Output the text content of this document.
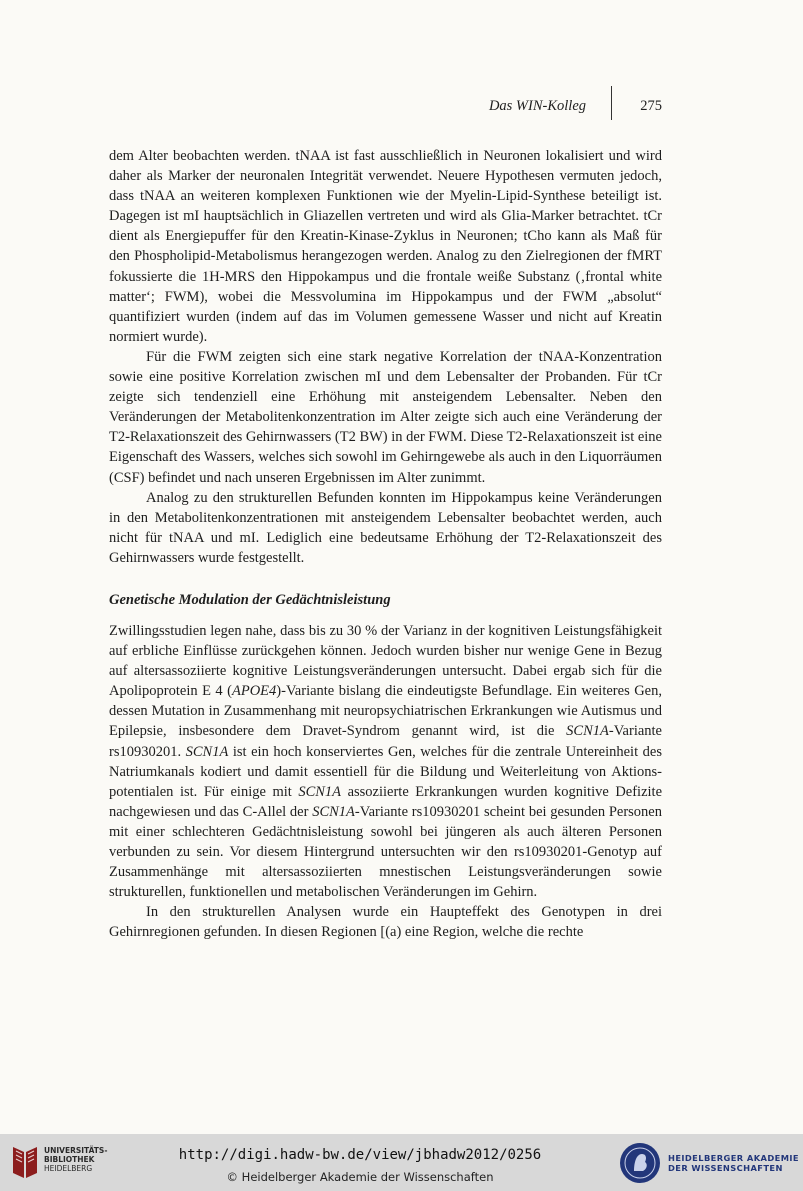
Das WIN-Kolleg	275

dem Alter beobachten werden. tNAA ist fast ausschließlich in Neuronen lokalisiert und wird daher als Marker der neuronalen Integrität verwendet. Neuere Hypothesen vermuten jedoch, dass tNAA an weiteren komplexen Funktionen wie der Myelin-Lipid-Synthese beteiligt ist. Dagegen ist mI hauptsächlich in Gliazellen vertreten und wird als Glia-Marker betrachtet. tCr dient als Energiepuffer für den Kreatin-Kinase-Zyklus in Neuronen; tCho kann als Maß für den Phospholipid-Metabolismus herangezogen werden. Analog zu den Zielregionen der fMRT fokussierte die 1H-MRS den Hippokampus und die frontale weiße Substanz (‚frontal white matter‘; FWM), wobei die Messvolumina im Hippokampus und der FWM „absolut“ quantifiziert wurden (indem auf das im Volumen gemessene Wasser und nicht auf Kreatin normiert wurde).

Für die FWM zeigten sich eine stark negative Korrelation der tNAA-Konzentration sowie eine positive Korrelation zwischen mI und dem Lebensalter der Probanden. Für tCr zeigte sich tendenziell eine Erhöhung mit ansteigendem Lebensalter. Neben den Veränderungen der Metabolitenkonzentration im Alter zeigte sich auch eine Veränderung der T2-Relaxationszeit des Gehirnwassers (T2 BW) in der FWM. Diese T2-Relaxationszeit ist eine Eigenschaft des Wassers, welches sich sowohl im Gehirngewebe als auch in den Liquorräumen (CSF) befindet und nach unseren Ergebnissen im Alter zunimmt.

Analog zu den strukturellen Befunden konnten im Hippokampus keine Veränderungen in den Metabolitenkonzentrationen mit ansteigendem Lebensalter beobachtet werden, auch nicht für tNAA und mI. Lediglich eine bedeutsame Erhöhung der T2-Relaxationszeit des Gehirnwassers wurde festgestellt.

Genetische Modulation der Gedächtnisleistung

Zwillingsstudien legen nahe, dass bis zu 30 % der Varianz in der kognitiven Leistungsfähigkeit auf erbliche Einflüsse zurückgehen können. Jedoch wurden bisher nur wenige Gene in Bezug auf altersassoziierte kognitive Leistungsveränderungen untersucht. Dabei ergab sich für die Apolipoprotein E 4 (APOE4)-Variante bislang die eindeutigste Befundlage. Ein weiteres Gen, dessen Mutation in Zusammenhang mit neuropsychiatrischen Erkrankungen wie Autismus und Epilepsie, insbesondere dem Dravet-Syndrom genannt wird, ist die SCN1A-Variante rs10930201. SCN1A ist ein hoch konserviertes Gen, welches für die zentrale Untereinheit des Natriumkanals kodiert und damit essentiell für die Bildung und Weiterleitung von Aktionspotentialen ist. Für einige mit SCN1A assoziierte Erkrankungen wurden kognitive Defizite nachgewiesen und das C-Allel der SCN1A-Variante rs10930201 scheint bei gesunden Personen mit einer schlechteren Gedächtnisleistung sowohl bei jüngeren als auch älteren Personen verbunden zu sein. Vor diesem Hintergrund untersuchten wir den rs10930201-Genotyp auf Zusammenhänge mit altersassoziierten mnestischen Leistungsveränderungen sowie strukturellen, funktionellen und metabolischen Veränderungen im Gehirn.

In den strukturellen Analysen wurde ein Haupteffekt des Genotypen in drei Gehirnregionen gefunden. In diesen Regionen [(a) eine Region, welche die rechte

UNIVERSITÄTS-
BIBLIOTHEK
HEIDELBERG
http://digi.hadw-bw.de/view/jbhadw2012/0256
© Heidelberger Akademie der Wissenschaften
HEIDELBERGER AKADEMIE
DER WISSENSCHAFTEN
